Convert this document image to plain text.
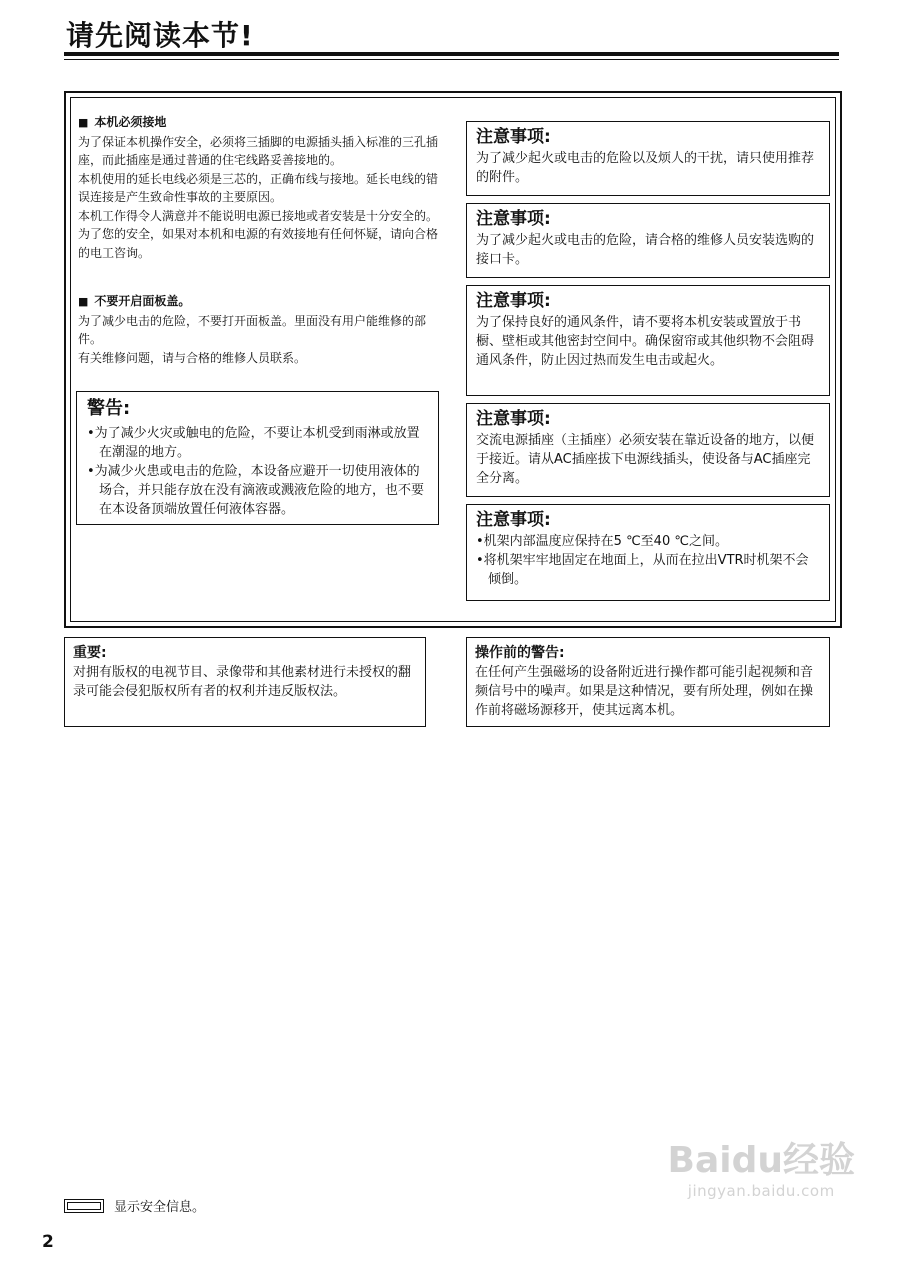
请先阅读本节!
■ 本机必须接地

为了保证本机操作安全，必须将三插脚的电源插头插入标准的三孔插座，而此插座是通过普通的住宅线路妥善接地的。

本机使用的延长电线必须是三芯的，正确布线与接地。延长电线的错误连接是产生致命性事故的主要原因。

本机工作得令人满意并不能说明电源已接地或者安装是十分安全的。

为了您的安全，如果对本机和电源的有效接地有任何怀疑，请向合格的电工咨询。

■ 不要开启面板盖。

为了减少电击的危险，不要打开面板盖。里面没有用户能维修的部件。

有关维修问题，请与合格的维修人员联系。

警告:
•为了减少火灾或触电的危险，不要让本机受到雨淋或放置在潮湿的地方。
•为减少火患或电击的危险，本设备应避开一切使用液体的场合，并只能存放在没有滴液或溅液危险的地方，也不要在本设备顶端放置任何液体容器。
注意事项:
为了减少起火或电击的危险以及烦人的干扰，请只使用推荐的附件。
注意事项:
为了减少起火或电击的危险，请合格的维修人员安装选购的接口卡。
注意事项:
为了保持良好的通风条件，请不要将本机安装或置放于书橱、壁柜或其他密封空间中。确保窗帘或其他织物不会阻碍通风条件，防止因过热而发生电击或起火。
注意事项:
交流电源插座（主插座）必须安装在靠近设备的地方，以便于接近。请从AC插座拔下电源线插头，使设备与AC插座完全分离。
注意事项:
•机架内部温度应保持在5 ℃至40 ℃之间。
•将机架牢牢地固定在地面上，从而在拉出VTR时机架不会倾倒。
重要:
对拥有版权的电视节目、录像带和其他素材进行未授权的翻录可能会侵犯版权所有者的权利并违反版权法。
操作前的警告:
在任何产生强磁场的设备附近进行操作都可能引起视频和音频信号中的噪声。如果是这种情况，要有所处理，例如在操作前将磁场源移开，使其远离本机。
Baidu经验
jingyan.baidu.com
显示安全信息。
2
